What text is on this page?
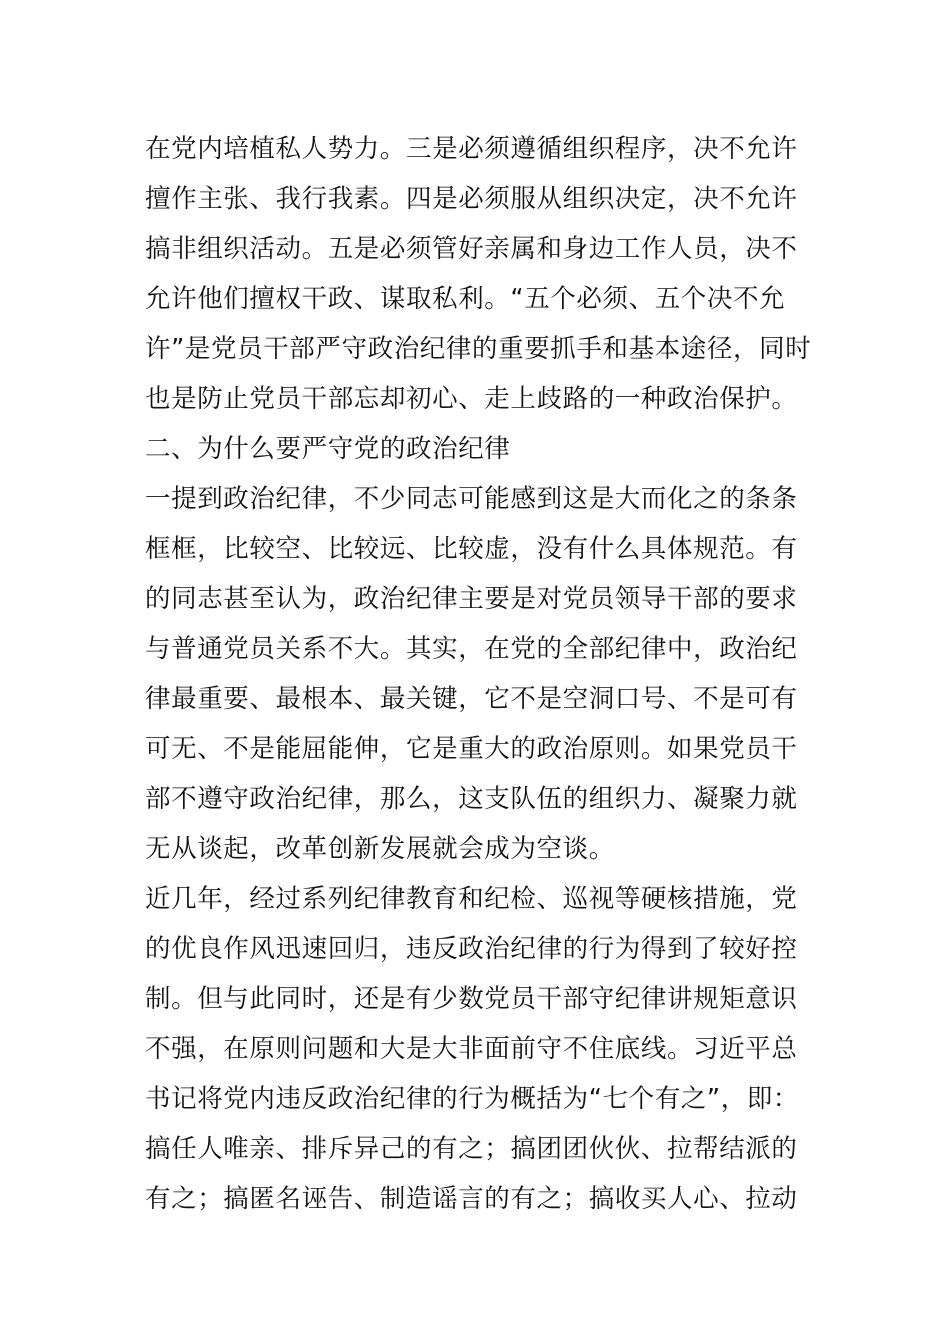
在党内培植私人势力。三是必须遵循组织程序，决不允许
擅作主张、我行我素。四是必须服从组织决定，决不允许
搞非组织活动。五是必须管好亲属和身边工作人员，决不
允许他们擅权干政、谋取私利。“五个必须、五个决不允
许”是党员干部严守政治纪律的重要抓手和基本途径，同时
也是防止党员干部忘却初心、走上歧路的一种政治保护。
二、为什么要严守党的政治纪律
一提到政治纪律，不少同志可能感到这是大而化之的条条
框框，比较空、比较远、比较虚，没有什么具体规范。有
的同志甚至认为，政治纪律主要是对党员领导干部的要求
与普通党员关系不大。其实，在党的全部纪律中，政治纪
律最重要、最根本、最关键，它不是空洞口号、不是可有
可无、不是能屈能伸，它是重大的政治原则。如果党员干
部不遵守政治纪律，那么，这支队伍的组织力、凝聚力就
无从谈起，改革创新发展就会成为空谈。
近几年，经过系列纪律教育和纪检、巡视等硬核措施，党
的优良作风迅速回归，违反政治纪律的行为得到了较好控
制。但与此同时，还是有少数党员干部守纪律讲规矩意识
不强，在原则问题和大是大非面前守不住底线。习近平总
书记将党内违反政治纪律的行为概括为“七个有之”，即：
搞任人唯亲、排斥异己的有之；搞团团伙伙、拉帮结派的
有之；搞匿名诬告、制造谣言的有之；搞收买人心、拉动
